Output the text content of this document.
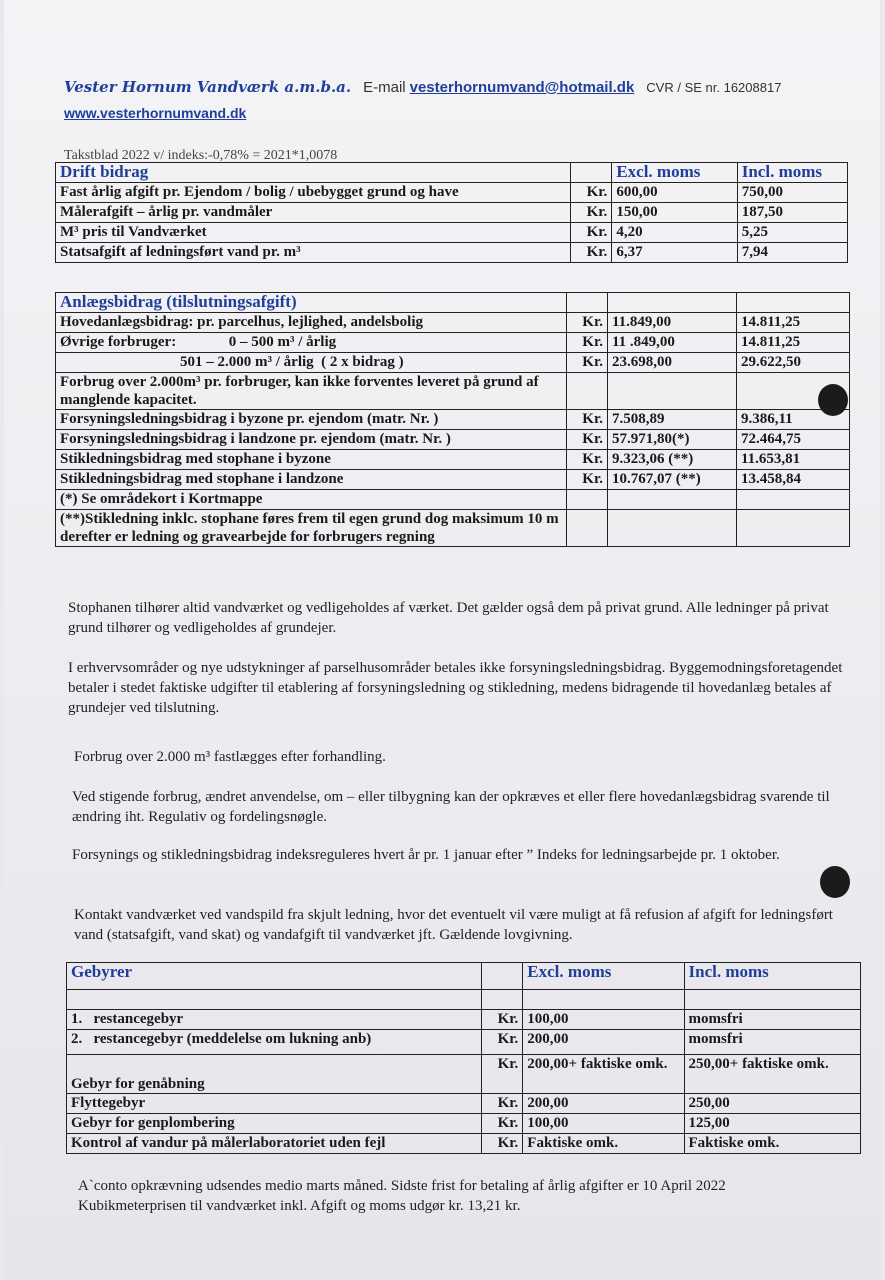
Vester Hornum Vandværk a.m.b.a. E-mail vesterhornumvand@hotmail.dk CVR / SE nr. 16208817
www.vesterhornumvand.dk
Takstblad 2022 v/ indeks:-0,78% = 2021*1,0078
Drift bidrag		Excl. moms	Incl. moms
Fast årlig afgift pr. Ejendom / bolig / ubebygget grund og have	Kr.	600,00	750,00
Målerafgift – årlig pr. vandmåler	Kr.	150,00	187,50
M³ pris til Vandværket	Kr.	4,20	5,25
Statsafgift af ledningsført vand pr. m³	Kr.	6,37	7,94
Anlægsbidrag (tilslutningsafgift)			
Hovedanlægsbidrag: pr. parcelhus, lejlighed, andelsbolig	Kr.	11.849,00	14.811,25
Øvrige forbruger:              0 – 500 m³ / årlig	Kr.	11 .849,00	14.811,25
501 – 2.000 m³ / årlig  ( 2 x bidrag )	Kr.	23.698,00	29.622,50
Forbrug over 2.000m³ pr. forbruger, kan ikke forventes leveret på grund af manglende kapacitet.			
Forsyningsledningsbidrag i byzone pr. ejendom (matr. Nr. )	Kr.	7.508,89	9.386,11
Forsyningsledningsbidrag i landzone pr. ejendom (matr. Nr. )	Kr.	57.971,80(*)	72.464,75
Stikledningsbidrag med stophane i byzone	Kr.	9.323,06 (**)	11.653,81
Stikledningsbidrag med stophane i landzone	Kr.	10.767,07 (**)	13.458,84
(*) Se områdekort i Kortmappe			
(**)Stikledning inklc. stophane føres frem til egen grund dog maksimum 10 m derefter er ledning og gravearbejde for forbrugers regning			
Stophanen tilhører altid vandværket og vedligeholdes af værket. Det gælder også dem på privat grund. Alle ledninger på privat grund tilhører og vedligeholdes af grundejer.
I erhvervsområder og nye udstykninger af parselhusområder betales ikke forsyningsledningsbidrag. Byggemodningsforetagendet betaler i stedet faktiske udgifter til etablering af forsyningsledning og stikledning, medens bidragende til hovedanlæg betales af grundejer ved tilslutning.
Forbrug over 2.000 m³ fastlægges efter forhandling.
Ved stigende forbrug, ændret anvendelse, om – eller tilbygning kan der opkræves et eller flere hovedanlægsbidrag svarende til ændring iht. Regulativ og fordelingsnøgle.
Forsynings og stikledningsbidrag indeksreguleres hvert år pr. 1 januar efter ” Indeks for ledningsarbejde pr. 1 oktober.
Kontakt vandværket ved vandspild fra skjult ledning, hvor det eventuelt vil være muligt at få refusion af afgift for ledningsført vand (statsafgift, vand skat) og vandafgift til vandværket jft. Gældende lovgivning.
Gebyrer		Excl. moms	Incl. moms

1.   restancegebyr	Kr.	100,00	momsfri
2.   restancegebyr (meddelelse om lukning anb)	Kr.	200,00	momsfri
Gebyr for genåbning	Kr.	200,00+ faktiske omk.	250,00+ faktiske omk.
Flyttegebyr	Kr.	200,00	250,00
Gebyr for genplombering	Kr.	100,00	125,00
Kontrol af vandur på målerlaboratoriet uden fejl	Kr.	Faktiske omk.	Faktiske omk.
A`conto opkrævning udsendes medio marts måned. Sidste frist for betaling af årlig afgifter er 10 April 2022
Kubikmeterprisen til vandværket inkl. Afgift og moms udgør kr. 13,21 kr.
